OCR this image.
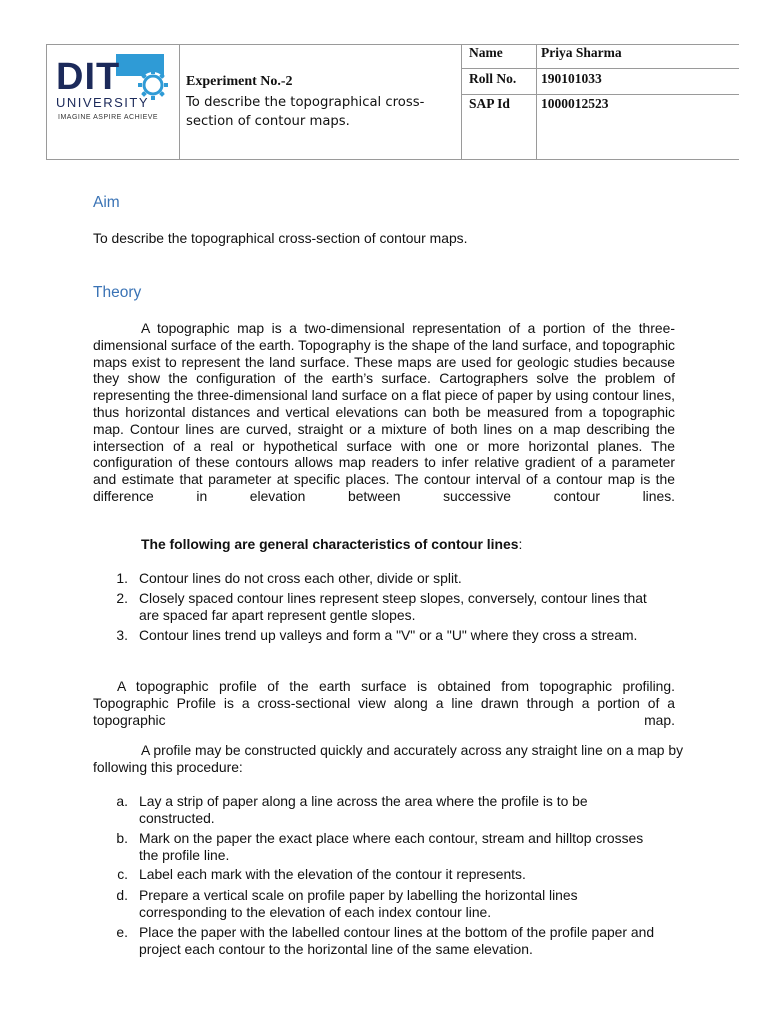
DIT
UNIVERSITY
IMAGINE ASPIRE ACHIEVE
Experiment No.-2
To describe the topographical cross-section of contour maps.
Name	Priya Sharma
Roll No. 190101033
SAP Id 1000012523
Aim
To describe the topographical cross-section of contour maps.
Theory
A topographic map is a two-dimensional representation of a portion of the three-dimensional surface of the earth. Topography is the shape of the land surface, and topographic maps exist to represent the land surface. These maps are used for geologic studies because they show the configuration of the earth’s surface. Cartographers solve the problem of representing the three-dimensional land surface on a flat piece of paper by using contour lines, thus horizontal distances and vertical elevations can both be measured from a topographic map. Contour lines are curved, straight or a mixture of both lines on a map describing the intersection of a real or hypothetical surface with one or more horizontal planes. The configuration of these contours allows map readers to infer relative gradient of a parameter and estimate that parameter at specific places. The contour interval of a contour map is the difference in elevation between successive contour lines.
The following are general characteristics of contour lines:
1. Contour lines do not cross each other, divide or split.
2. Closely spaced contour lines represent steep slopes, conversely, contour lines that are spaced far apart represent gentle slopes.
3. Contour lines trend up valleys and form a "V" or a "U" where they cross a stream.
A topographic profile of the earth surface is obtained from topographic profiling. Topographic Profile is a cross-sectional view along a line drawn through a portion of a topographic map.
A profile may be constructed quickly and accurately across any straight line on a map by following this procedure:
a. Lay a strip of paper along a line across the area where the profile is to be constructed.
b. Mark on the paper the exact place where each contour, stream and hilltop crosses the profile line.
c. Label each mark with the elevation of the contour it represents.
d. Prepare a vertical scale on profile paper by labelling the horizontal lines corresponding to the elevation of each index contour line.
e. Place the paper with the labelled contour lines at the bottom of the profile paper and project each contour to the horizontal line of the same elevation.
